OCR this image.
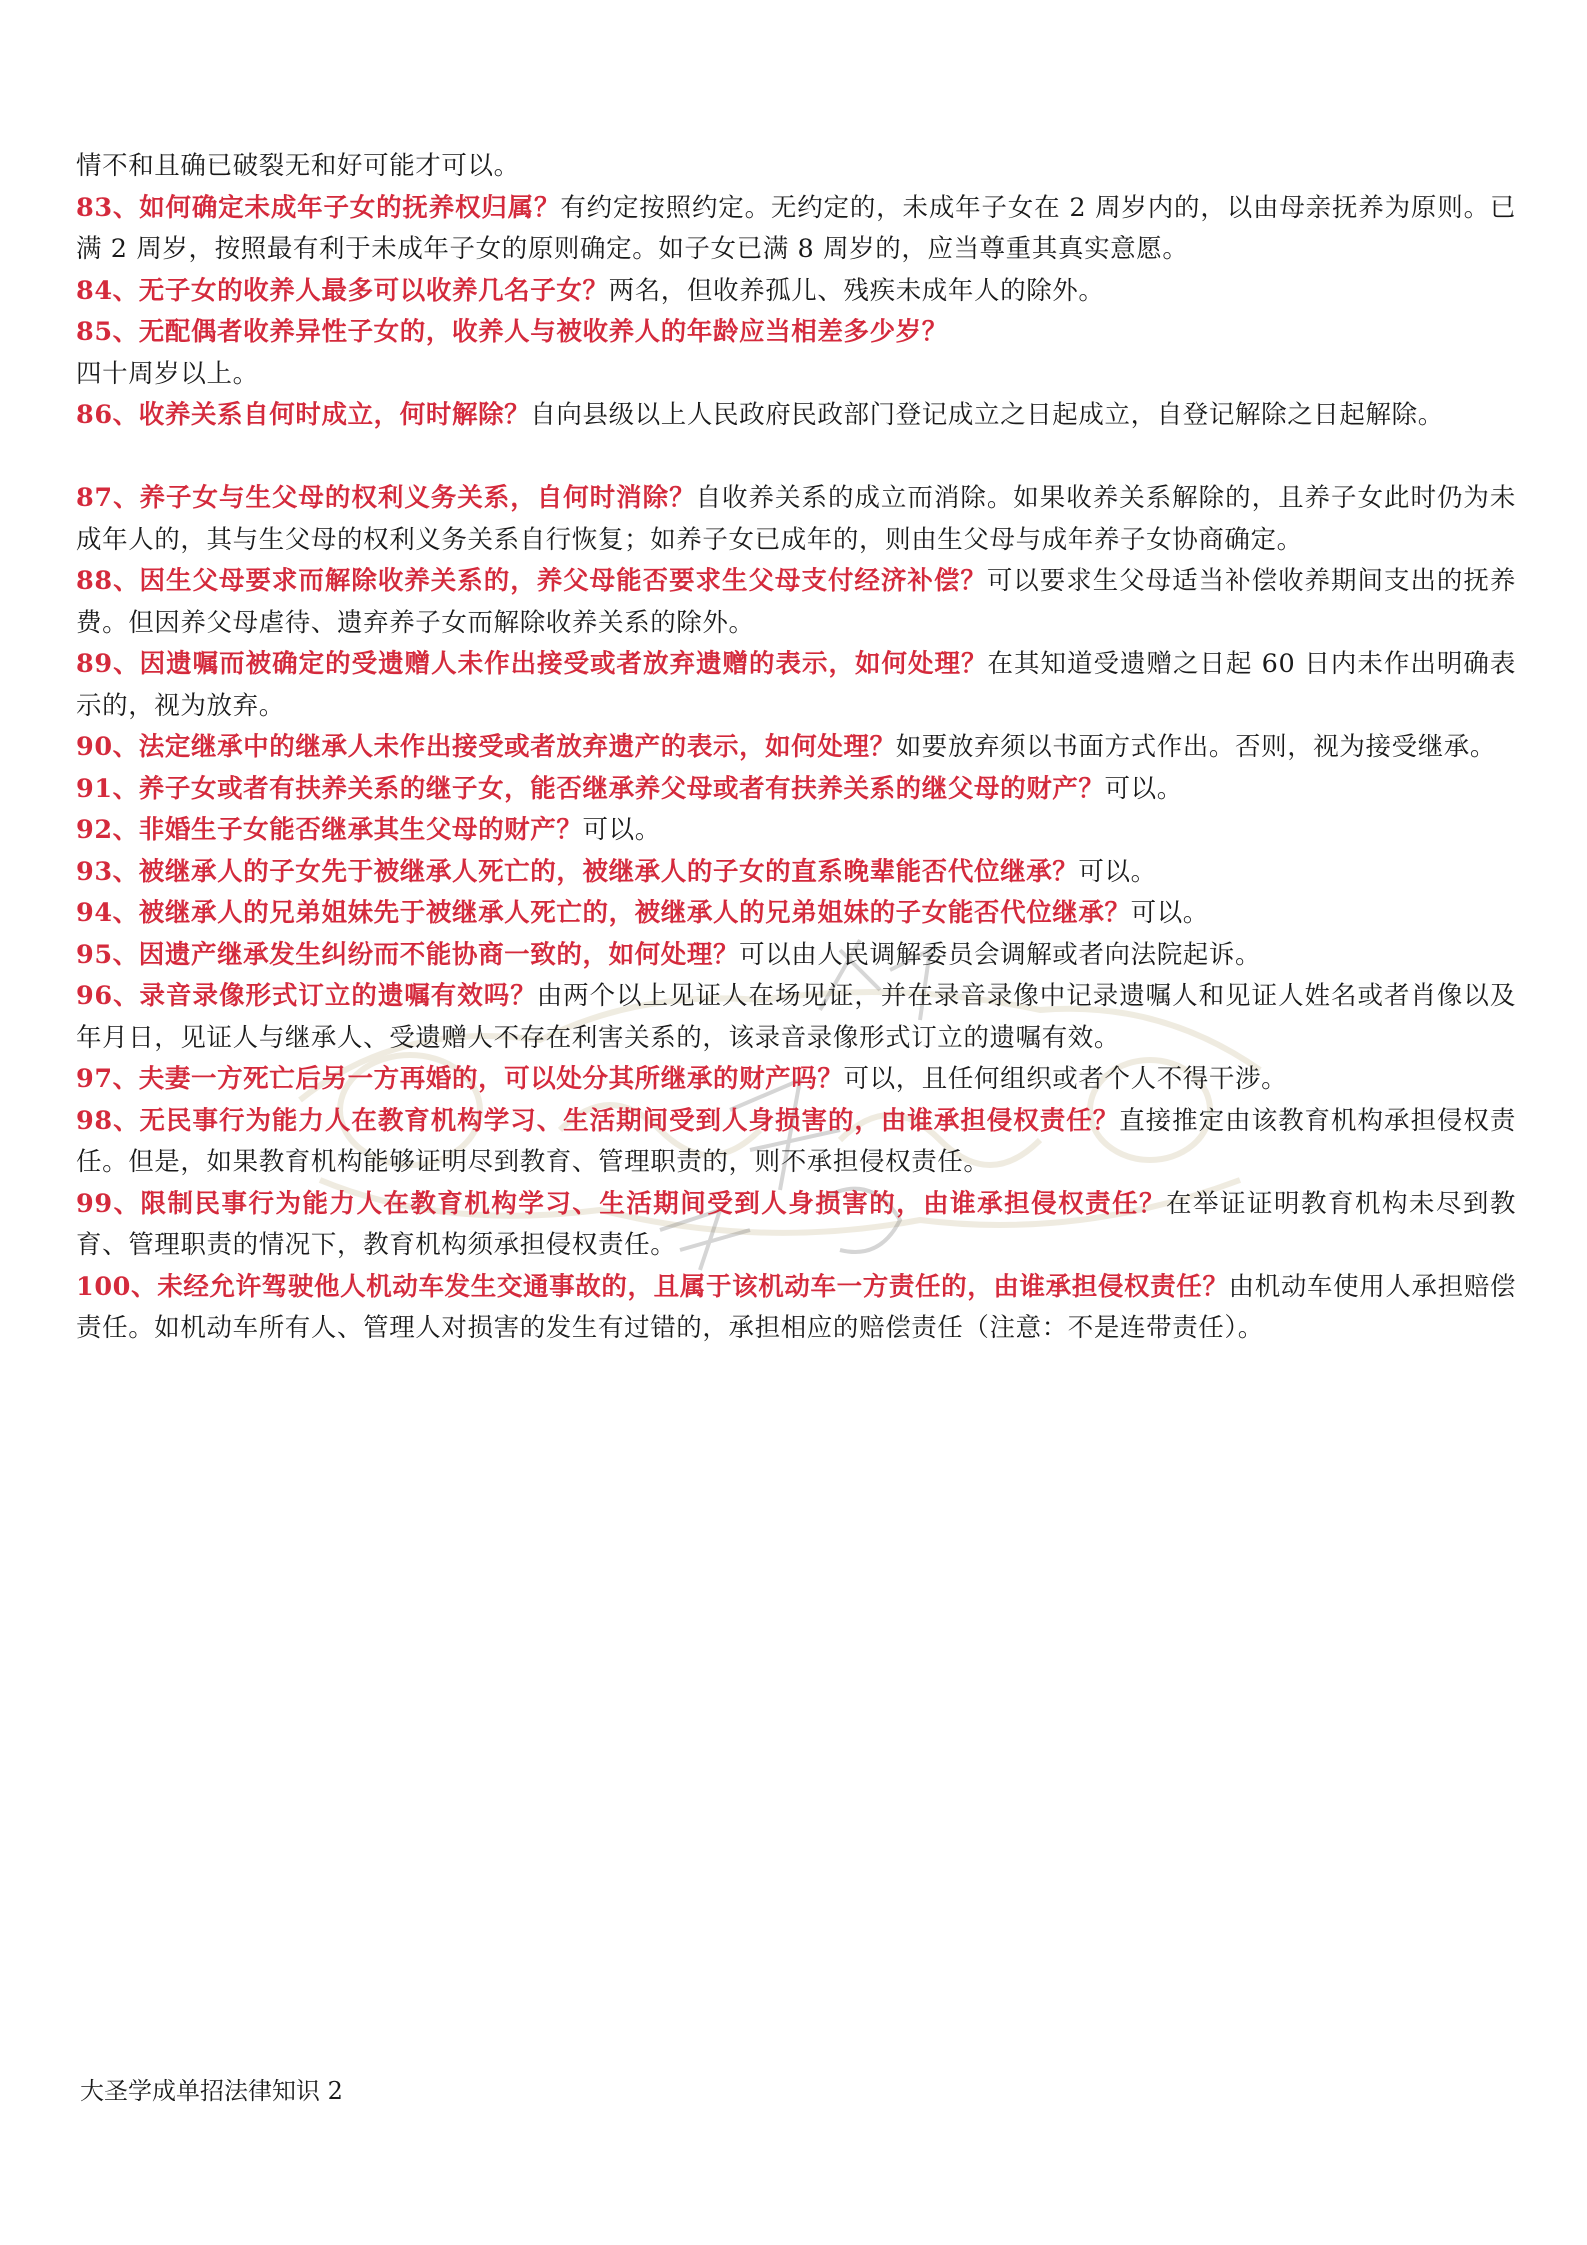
情不和且确已破裂无和好可能才可以。

83、如何确定未成年子女的抚养权归属？有约定按照约定。无约定的，未成年子女在 2 周岁内的，以由母亲抚养为原则。已满 2 周岁，按照最有利于未成年子女的原则确定。如子女已满 8 周岁的，应当尊重其真实意愿。

84、无子女的收养人最多可以收养几名子女？两名，但收养孤儿、残疾未成年人的除外。

85、无配偶者收养异性子女的，收养人与被收养人的年龄应当相差多少岁？

四十周岁以上。

86、收养关系自何时成立，何时解除？自向县级以上人民政府民政部门登记成立之日起成立，自登记解除之日起解除。

87、养子女与生父母的权利义务关系，自何时消除？自收养关系的成立而消除。如果收养关系解除的，且养子女此时仍为未成年人的，其与生父母的权利义务关系自行恢复；如养子女已成年的，则由生父母与成年养子女协商确定。

88、因生父母要求而解除收养关系的，养父母能否要求生父母支付经济补偿？可以要求生父母适当补偿收养期间支出的抚养费。但因养父母虐待、遗弃养子女而解除收养关系的除外。

89、因遗嘱而被确定的受遗赠人未作出接受或者放弃遗赠的表示，如何处理？在其知道受遗赠之日起 60 日内未作出明确表示的，视为放弃。

90、法定继承中的继承人未作出接受或者放弃遗产的表示，如何处理？如要放弃须以书面方式作出。否则，视为接受继承。

91、养子女或者有扶养关系的继子女，能否继承养父母或者有扶养关系的继父母的财产？可以。

92、非婚生子女能否继承其生父母的财产？可以。

93、被继承人的子女先于被继承人死亡的，被继承人的子女的直系晚辈能否代位继承？可以。

94、被继承人的兄弟姐妹先于被继承人死亡的，被继承人的兄弟姐妹的子女能否代位继承？可以。

95、因遗产继承发生纠纷而不能协商一致的，如何处理？可以由人民调解委员会调解或者向法院起诉。

96、录音录像形式订立的遗嘱有效吗？由两个以上见证人在场见证，并在录音录像中记录遗嘱人和见证人姓名或者肖像以及年月日，见证人与继承人、受遗赠人不存在利害关系的，该录音录像形式订立的遗嘱有效。

97、夫妻一方死亡后另一方再婚的，可以处分其所继承的财产吗？可以，且任何组织或者个人不得干涉。

98、无民事行为能力人在教育机构学习、生活期间受到人身损害的，由谁承担侵权责任？直接推定由该教育机构承担侵权责任。但是，如果教育机构能够证明尽到教育、管理职责的，则不承担侵权责任。

99、限制民事行为能力人在教育机构学习、生活期间受到人身损害的，由谁承担侵权责任？在举证证明教育机构未尽到教育、管理职责的情况下，教育机构须承担侵权责任。

100、未经允许驾驶他人机动车发生交通事故的，且属于该机动车一方责任的，由谁承担侵权责任？由机动车使用人承担赔偿责任。如机动车所有人、管理人对损害的发生有过错的，承担相应的赔偿责任（注意：不是连带责任）。

大圣学成单招法律知识 2
